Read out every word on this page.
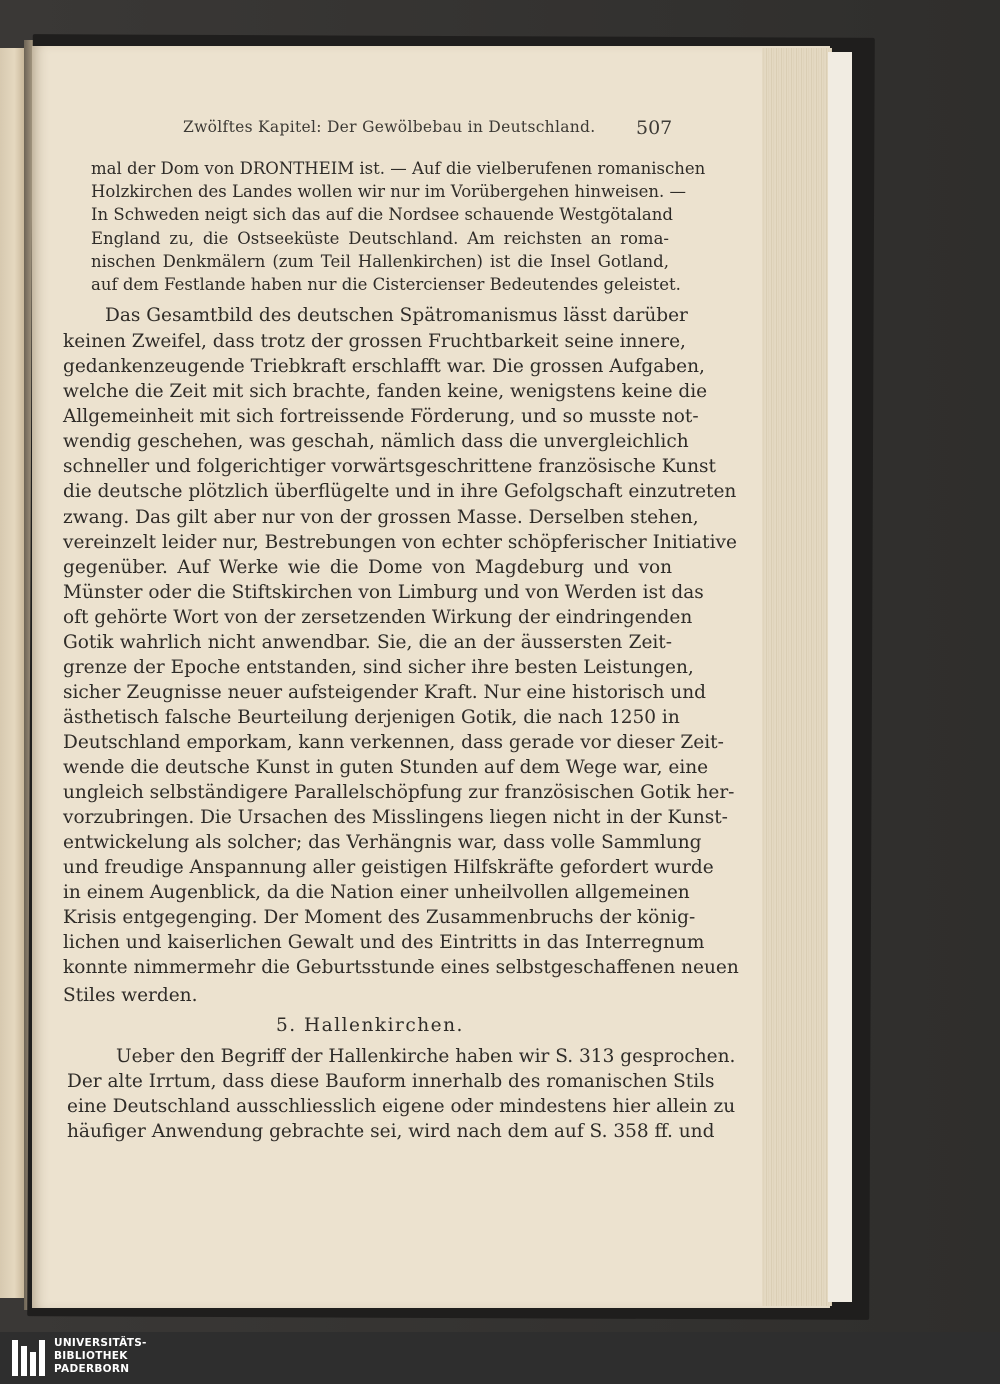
Zwölftes Kapitel: Der Gewölbebau in Deutschland.	507
mal der Dom von DRONTHEIM ist. — Auf die vielberufenen romanischen
Holzkirchen des Landes wollen wir nur im Vorübergehen hinweisen. —
In Schweden neigt sich das auf die Nordsee schauende Westgötaland
England zu, die Ostseeküste Deutschland. Am reichsten an roma-
nischen Denkmälern (zum Teil Hallenkirchen) ist die Insel Gotland,
auf dem Festlande haben nur die Cistercienser Bedeutendes geleistet.
Das Gesamtbild des deutschen Spätromanismus lässt darüber
keinen Zweifel, dass trotz der grossen Fruchtbarkeit seine innere,
gedankenzeugende Triebkraft erschlafft war. Die grossen Aufgaben,
welche die Zeit mit sich brachte, fanden keine, wenigstens keine die
Allgemeinheit mit sich fortreissende Förderung, und so musste not-
wendig geschehen, was geschah, nämlich dass die unvergleichlich
schneller und folgerichtiger vorwärtsgeschrittene französische Kunst
die deutsche plötzlich überflügelte und in ihre Gefolgschaft einzutreten
zwang. Das gilt aber nur von der grossen Masse. Derselben stehen,
vereinzelt leider nur, Bestrebungen von echter schöpferischer Initiative
gegenüber. Auf Werke wie die Dome von Magdeburg und von
Münster oder die Stiftskirchen von Limburg und von Werden ist das
oft gehörte Wort von der zersetzenden Wirkung der eindringenden
Gotik wahrlich nicht anwendbar. Sie, die an der äussersten Zeit-
grenze der Epoche entstanden, sind sicher ihre besten Leistungen,
sicher Zeugnisse neuer aufsteigender Kraft. Nur eine historisch und
ästhetisch falsche Beurteilung derjenigen Gotik, die nach 1250 in
Deutschland emporkam, kann verkennen, dass gerade vor dieser Zeit-
wende die deutsche Kunst in guten Stunden auf dem Wege war, eine
ungleich selbständigere Parallelschöpfung zur französischen Gotik her-
vorzubringen. Die Ursachen des Misslingens liegen nicht in der Kunst-
entwickelung als solcher; das Verhängnis war, dass volle Sammlung
und freudige Anspannung aller geistigen Hilfskräfte gefordert wurde
in einem Augenblick, da die Nation einer unheilvollen allgemeinen
Krisis entgegenging. Der Moment des Zusammenbruchs der könig-
lichen und kaiserlichen Gewalt und des Eintritts in das Interregnum
konnte nimmermehr die Geburtsstunde eines selbstgeschaffenen neuen
Stiles werden.
5. Hallenkirchen.
Ueber den Begriff der Hallenkirche haben wir S. 313 gesprochen.
Der alte Irrtum, dass diese Bauform innerhalb des romanischen Stils
eine Deutschland ausschliesslich eigene oder mindestens hier allein zu
häufiger Anwendung gebrachte sei, wird nach dem auf S. 358 ff. und
UNIVERSITÄTS-
BIBLIOTHEK
PADERBORN
